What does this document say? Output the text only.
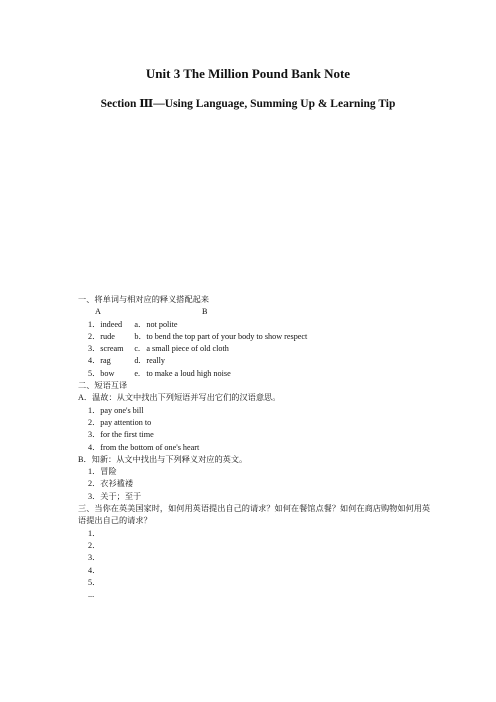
Unit 3 The Million Pound Bank Note
Section Ⅲ—Using Language, Summing Up & Learning Tip
一、将单词与相对应的释义搭配起来
A	B
1．indeed a．not polite
2．rude b．to bend the top part of your body to show respect
3．scream c. a small piece of old cloth
4．rag	d. really
5．bow e. to make a loud high noise
二、短语互译
A．温故：从文中找出下列短语并写出它们的汉语意思。
1．pay one's bill
2．pay attention to
3．for the first time
4．from the bottom of one's heart
B．知新：从文中找出与下列释义对应的英文。
1．冒险
2．衣衫褴褛
3．关于；至于
三、当你在英美国家时，如何用英语提出自己的请求？如何在餐馆点餐？如何在商店购物如何用英语提出自己的请求？
1．
2．
3．
4．
5．
...
